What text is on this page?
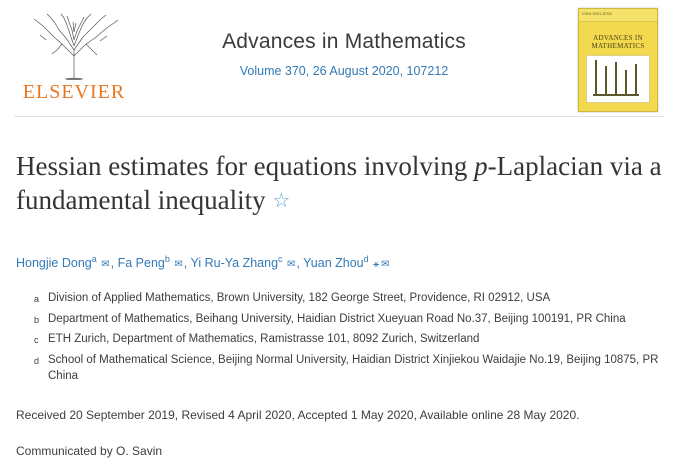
ELSEVIER
Advances in Mathematics
Volume 370, 26 August 2020, 107212
ISSN 0001-8708
ADVANCES IN
MATHEMATICS
Hessian estimates for equations involving p-Laplacian via a fundamental inequality ☆
Hongjie Dong$^a$ ✉, Fa Peng$^b$ ✉, Yi Ru-Ya Zhang$^c$ ✉, Yuan Zhou$^d$ ⚹ ✉
a Division of Applied Mathematics, Brown University, 182 George Street, Providence, RI 02912, USA
b Department of Mathematics, Beihang University, Haidian District Xueyuan Road No.37, Beijing 100191, PR China
c ETH Zurich, Department of Mathematics, Ramistrasse 101, 8092 Zurich, Switzerland
d School of Mathematical Science, Beijing Normal University, Haidian District Xinjiekou Waidajie No.19, Beijing 10875, PR China
Received 20 September 2019, Revised 4 April 2020, Accepted 1 May 2020, Available online 28 May 2020.
Communicated by O. Savin
